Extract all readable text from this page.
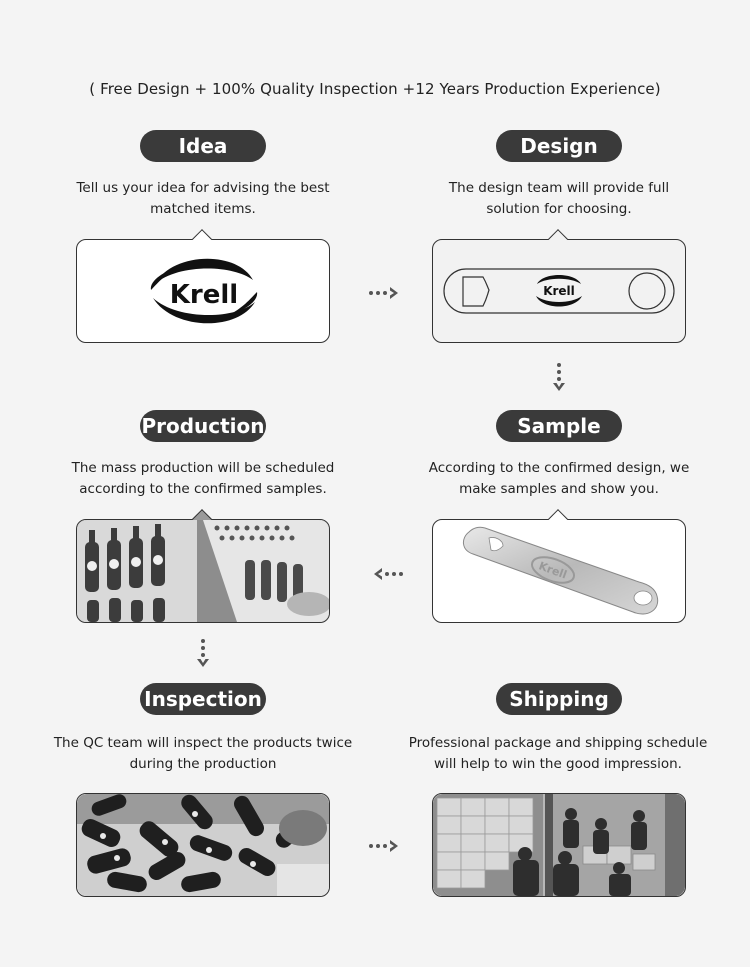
( Free Design + 100% Quality Inspection +12 Years Production Experience)
Idea
Tell us your idea for advising the best
matched items.
Krell
Design
The design team will provide full
solution for choosing.
Krell
Production
The mass production will be scheduled
according to the confirmed samples.
Sample
According to the confirmed design, we
make samples and show you.
Krell
Inspection
The QC team will inspect the products twice
during the production
Shipping
Professional package and shipping schedule
will help to win the good impression.
